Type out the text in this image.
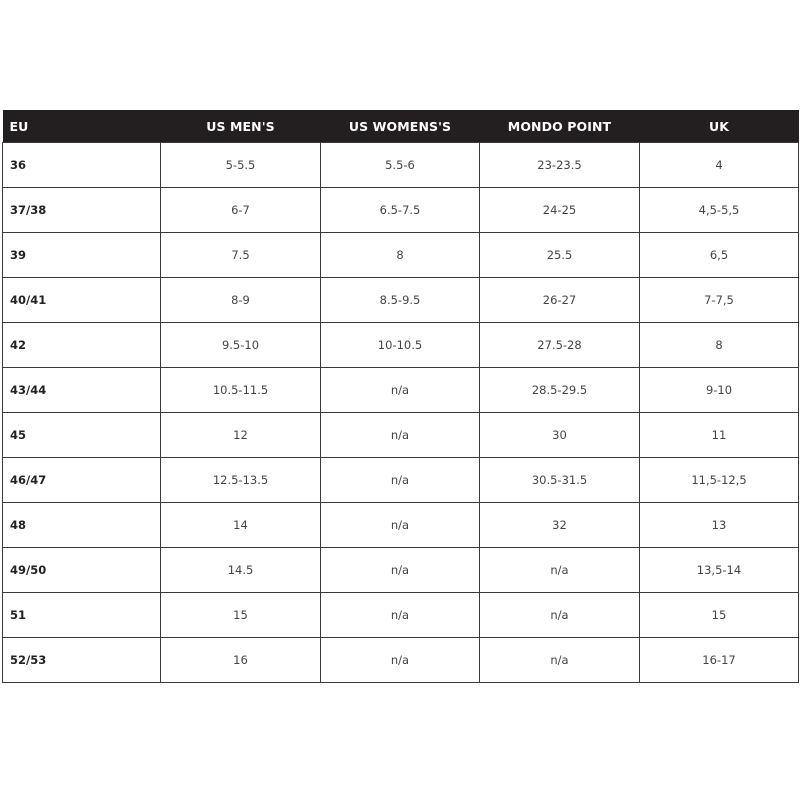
EU	US MEN'S	US WOMENS'S	MONDO POINT	UK
36	5-5.5	5.5-6	23-23.5	4
37/38	6-7	6.5-7.5	24-25	4,5-5,5
39	7.5	8	25.5	6,5
40/41	8-9	8.5-9.5	26-27	7-7,5
42	9.5-10	10-10.5	27.5-28	8
43/44	10.5-11.5	n/a	28.5-29.5	9-10
45	12	n/a	30	11
46/47	12.5-13.5	n/a	30.5-31.5	11,5-12,5
48	14	n/a	32	13
49/50	14.5	n/a	n/a	13,5-14
51	15	n/a	n/a	15
52/53	16	n/a	n/a	16-17
